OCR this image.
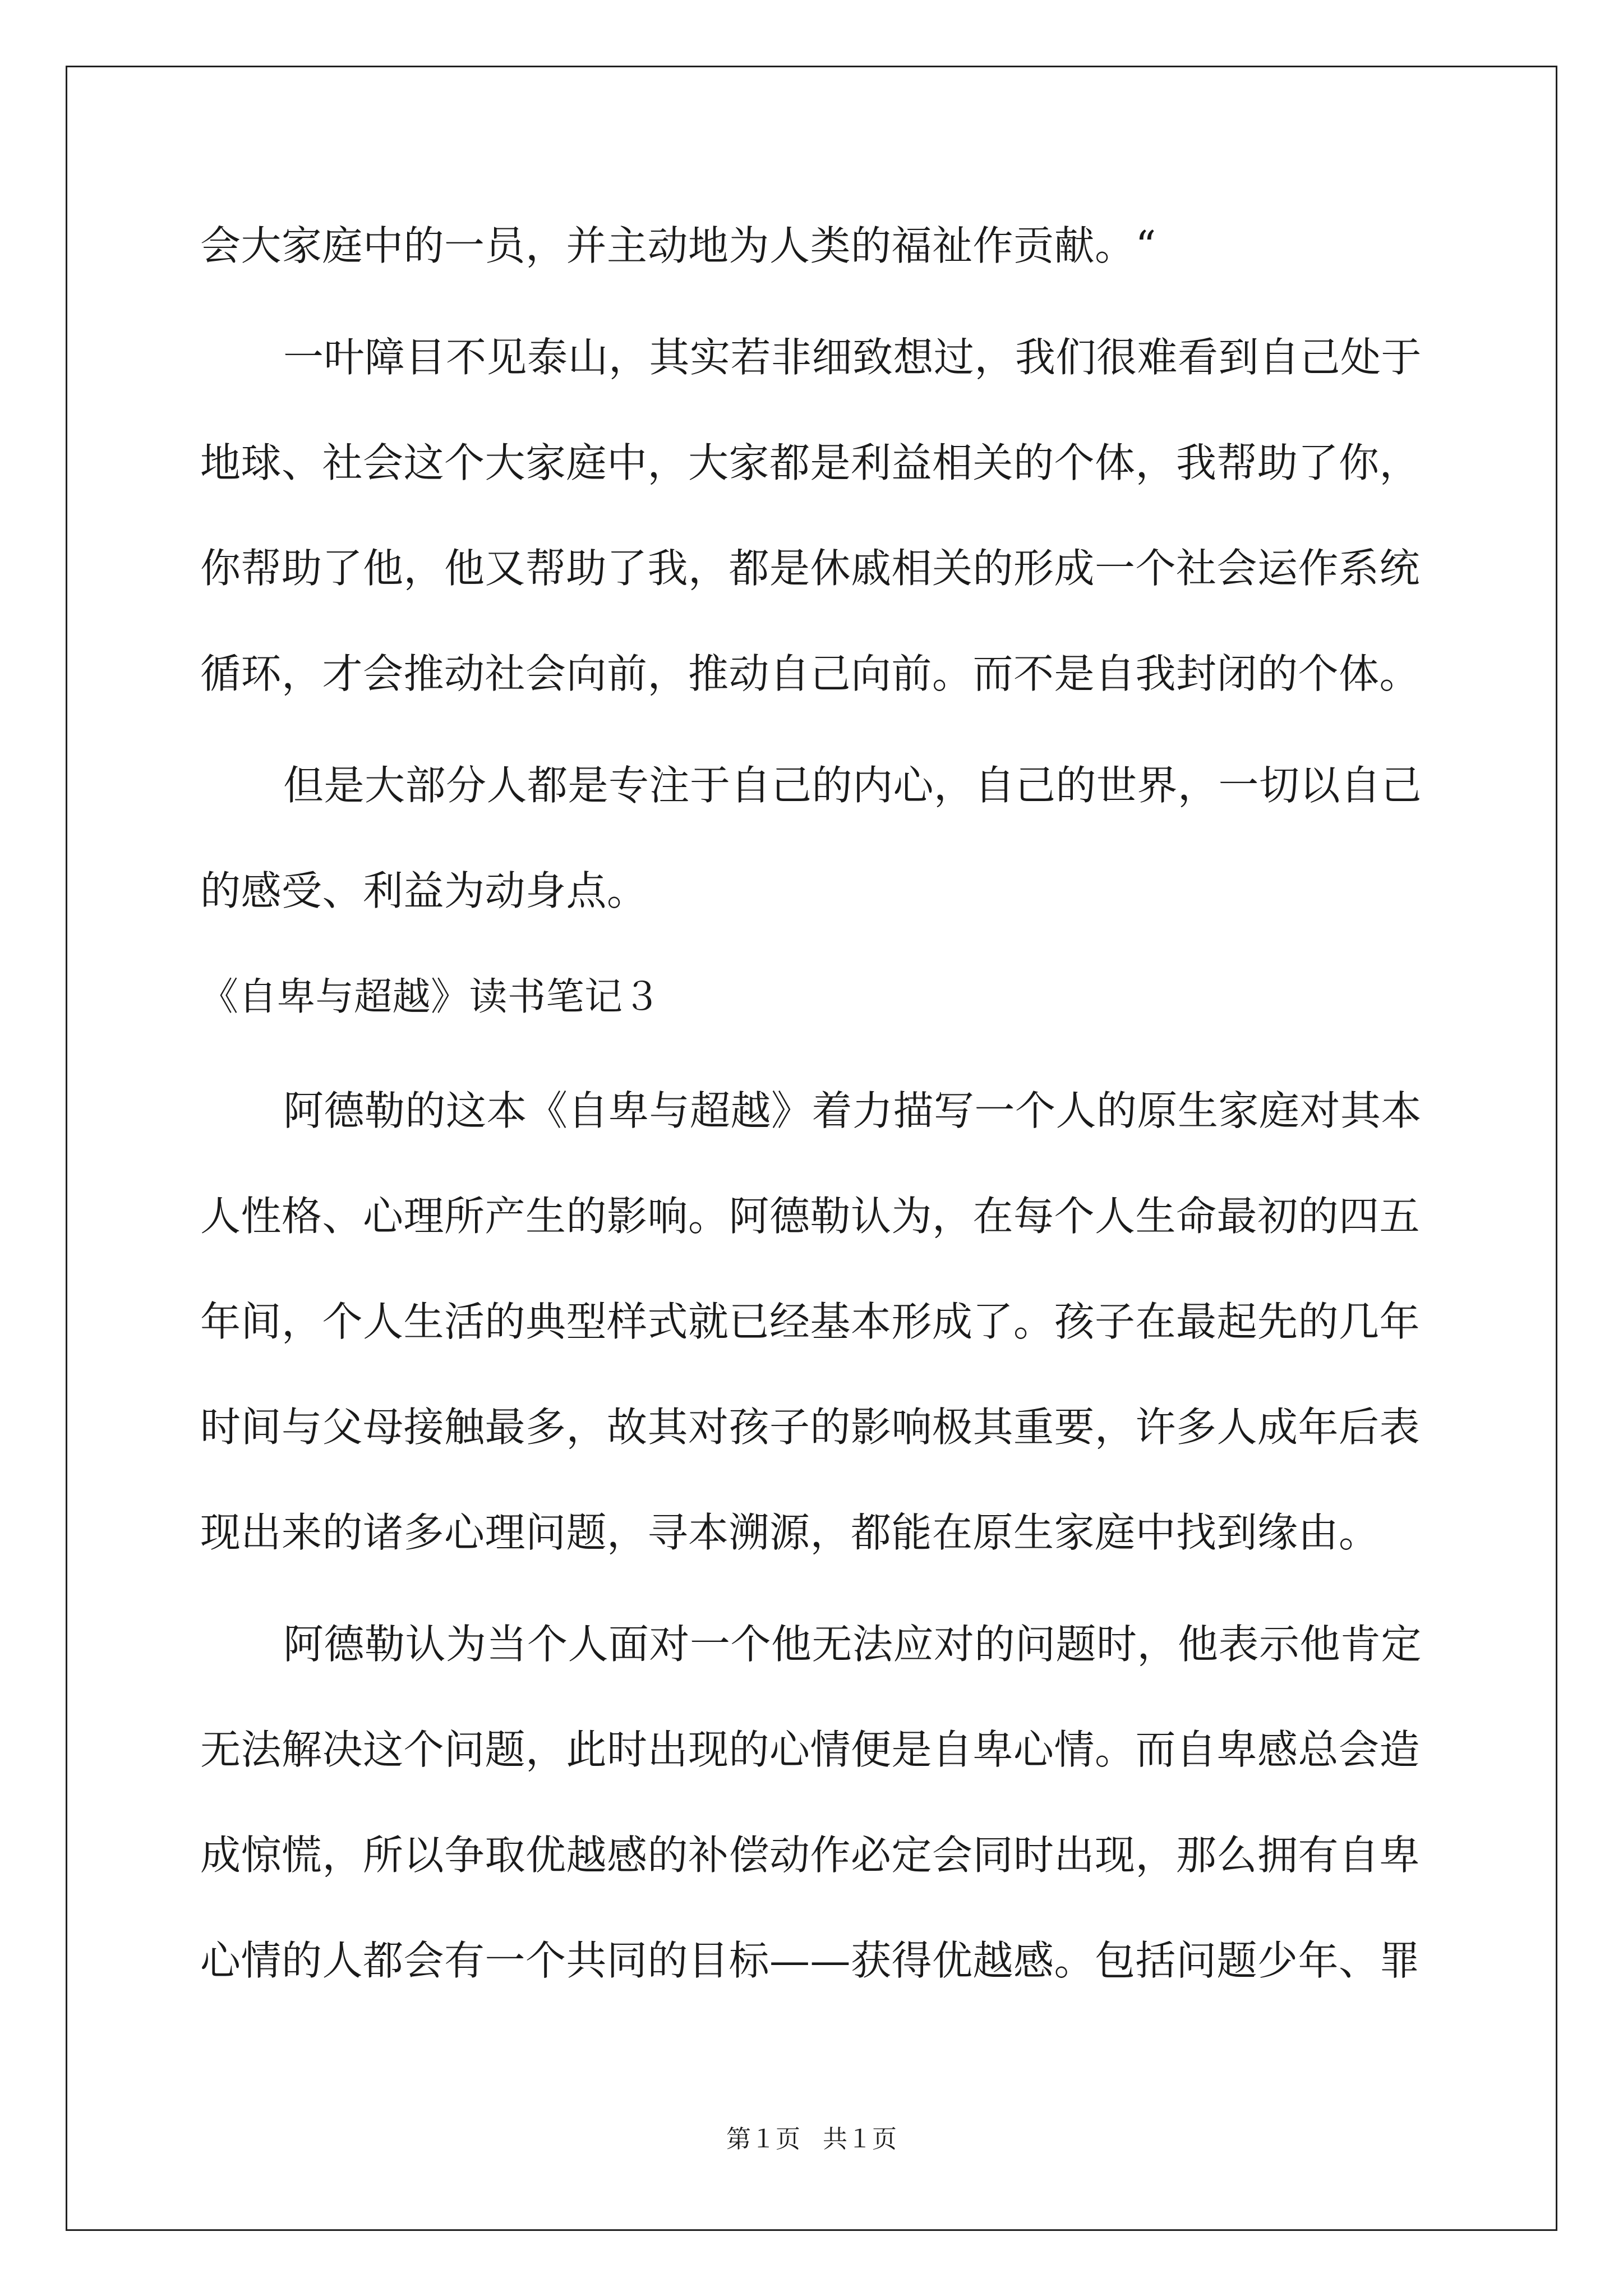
会大家庭中的一员，并主动地为人类的福祉作贡献。“
一叶障目不见泰山，其实若非细致想过，我们很难看到自己处于
地球、社会这个大家庭中，大家都是利益相关的个体，我帮助了你，
你帮助了他，他又帮助了我，都是休戚相关的形成一个社会运作系统
循环，才会推动社会向前，推动自己向前。而不是自我封闭的个体。
但是大部分人都是专注于自己的内心，自己的世界，一切以自己
的感受、利益为动身点。
《自卑与超越》读书笔记３
阿德勒的这本《自卑与超越》着力描写一个人的原生家庭对其本
人性格、心理所产生的影响。阿德勒认为，在每个人生命最初的四五
年间，个人生活的典型样式就已经基本形成了。孩子在最起先的几年
时间与父母接触最多，故其对孩子的影响极其重要，许多人成年后表
现出来的诸多心理问题，寻本溯源，都能在原生家庭中找到缘由。
阿德勒认为当个人面对一个他无法应对的问题时，他表示他肯定
无法解决这个问题，此时出现的心情便是自卑心情。而自卑感总会造
成惊慌，所以争取优越感的补偿动作必定会同时出现，那么拥有自卑
心情的人都会有一个共同的目标——获得优越感。包括问题少年、罪
第１页 共１页
